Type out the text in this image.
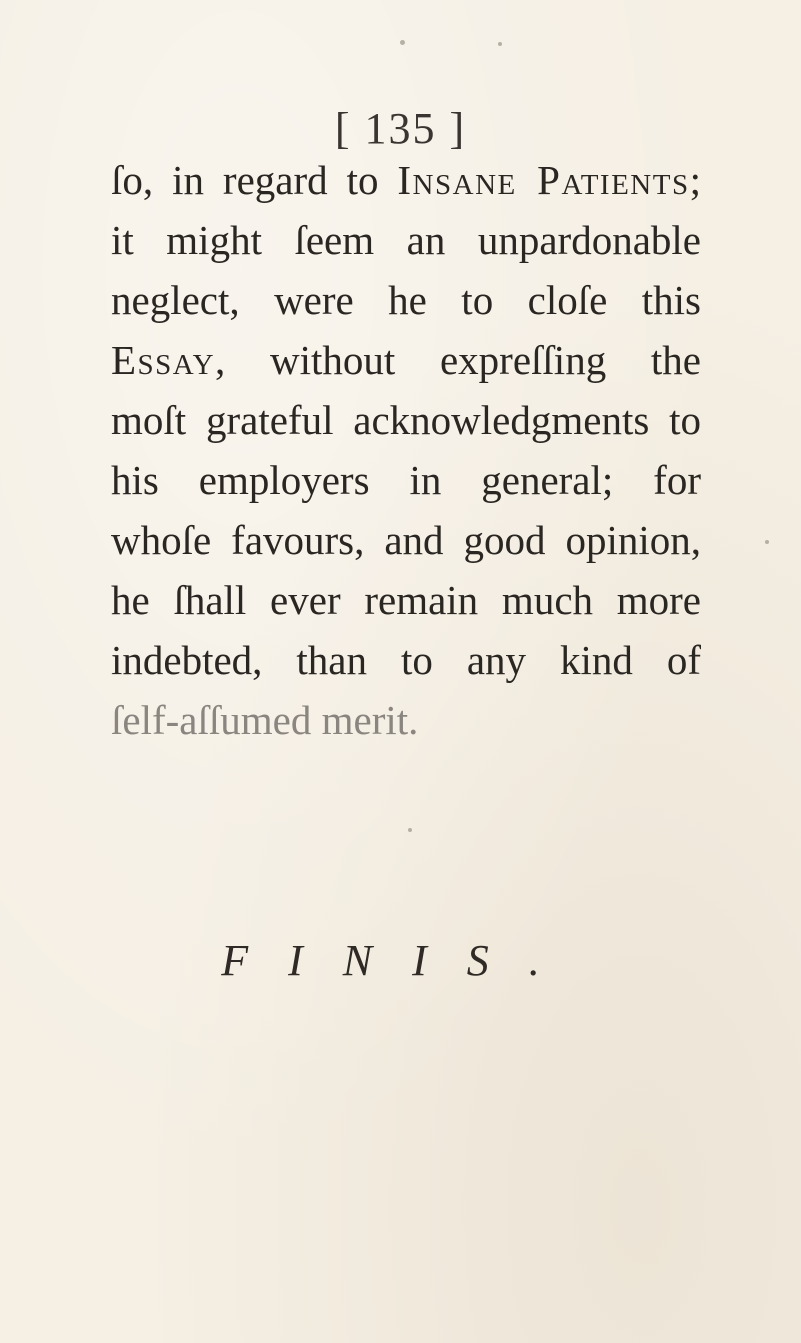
[ 135 ]
ſo, in regard to Insane Patients;
it might ſeem an unpardonable
neglect, were he to cloſe this
Essay, without expreſſing the
moſt grateful acknowledgments to
his employers in general; for
whoſe favours, and good opinion,
he ſhall ever remain much more
indebted, than to any kind of
ſelf-aſſumed merit.
FINIS.
